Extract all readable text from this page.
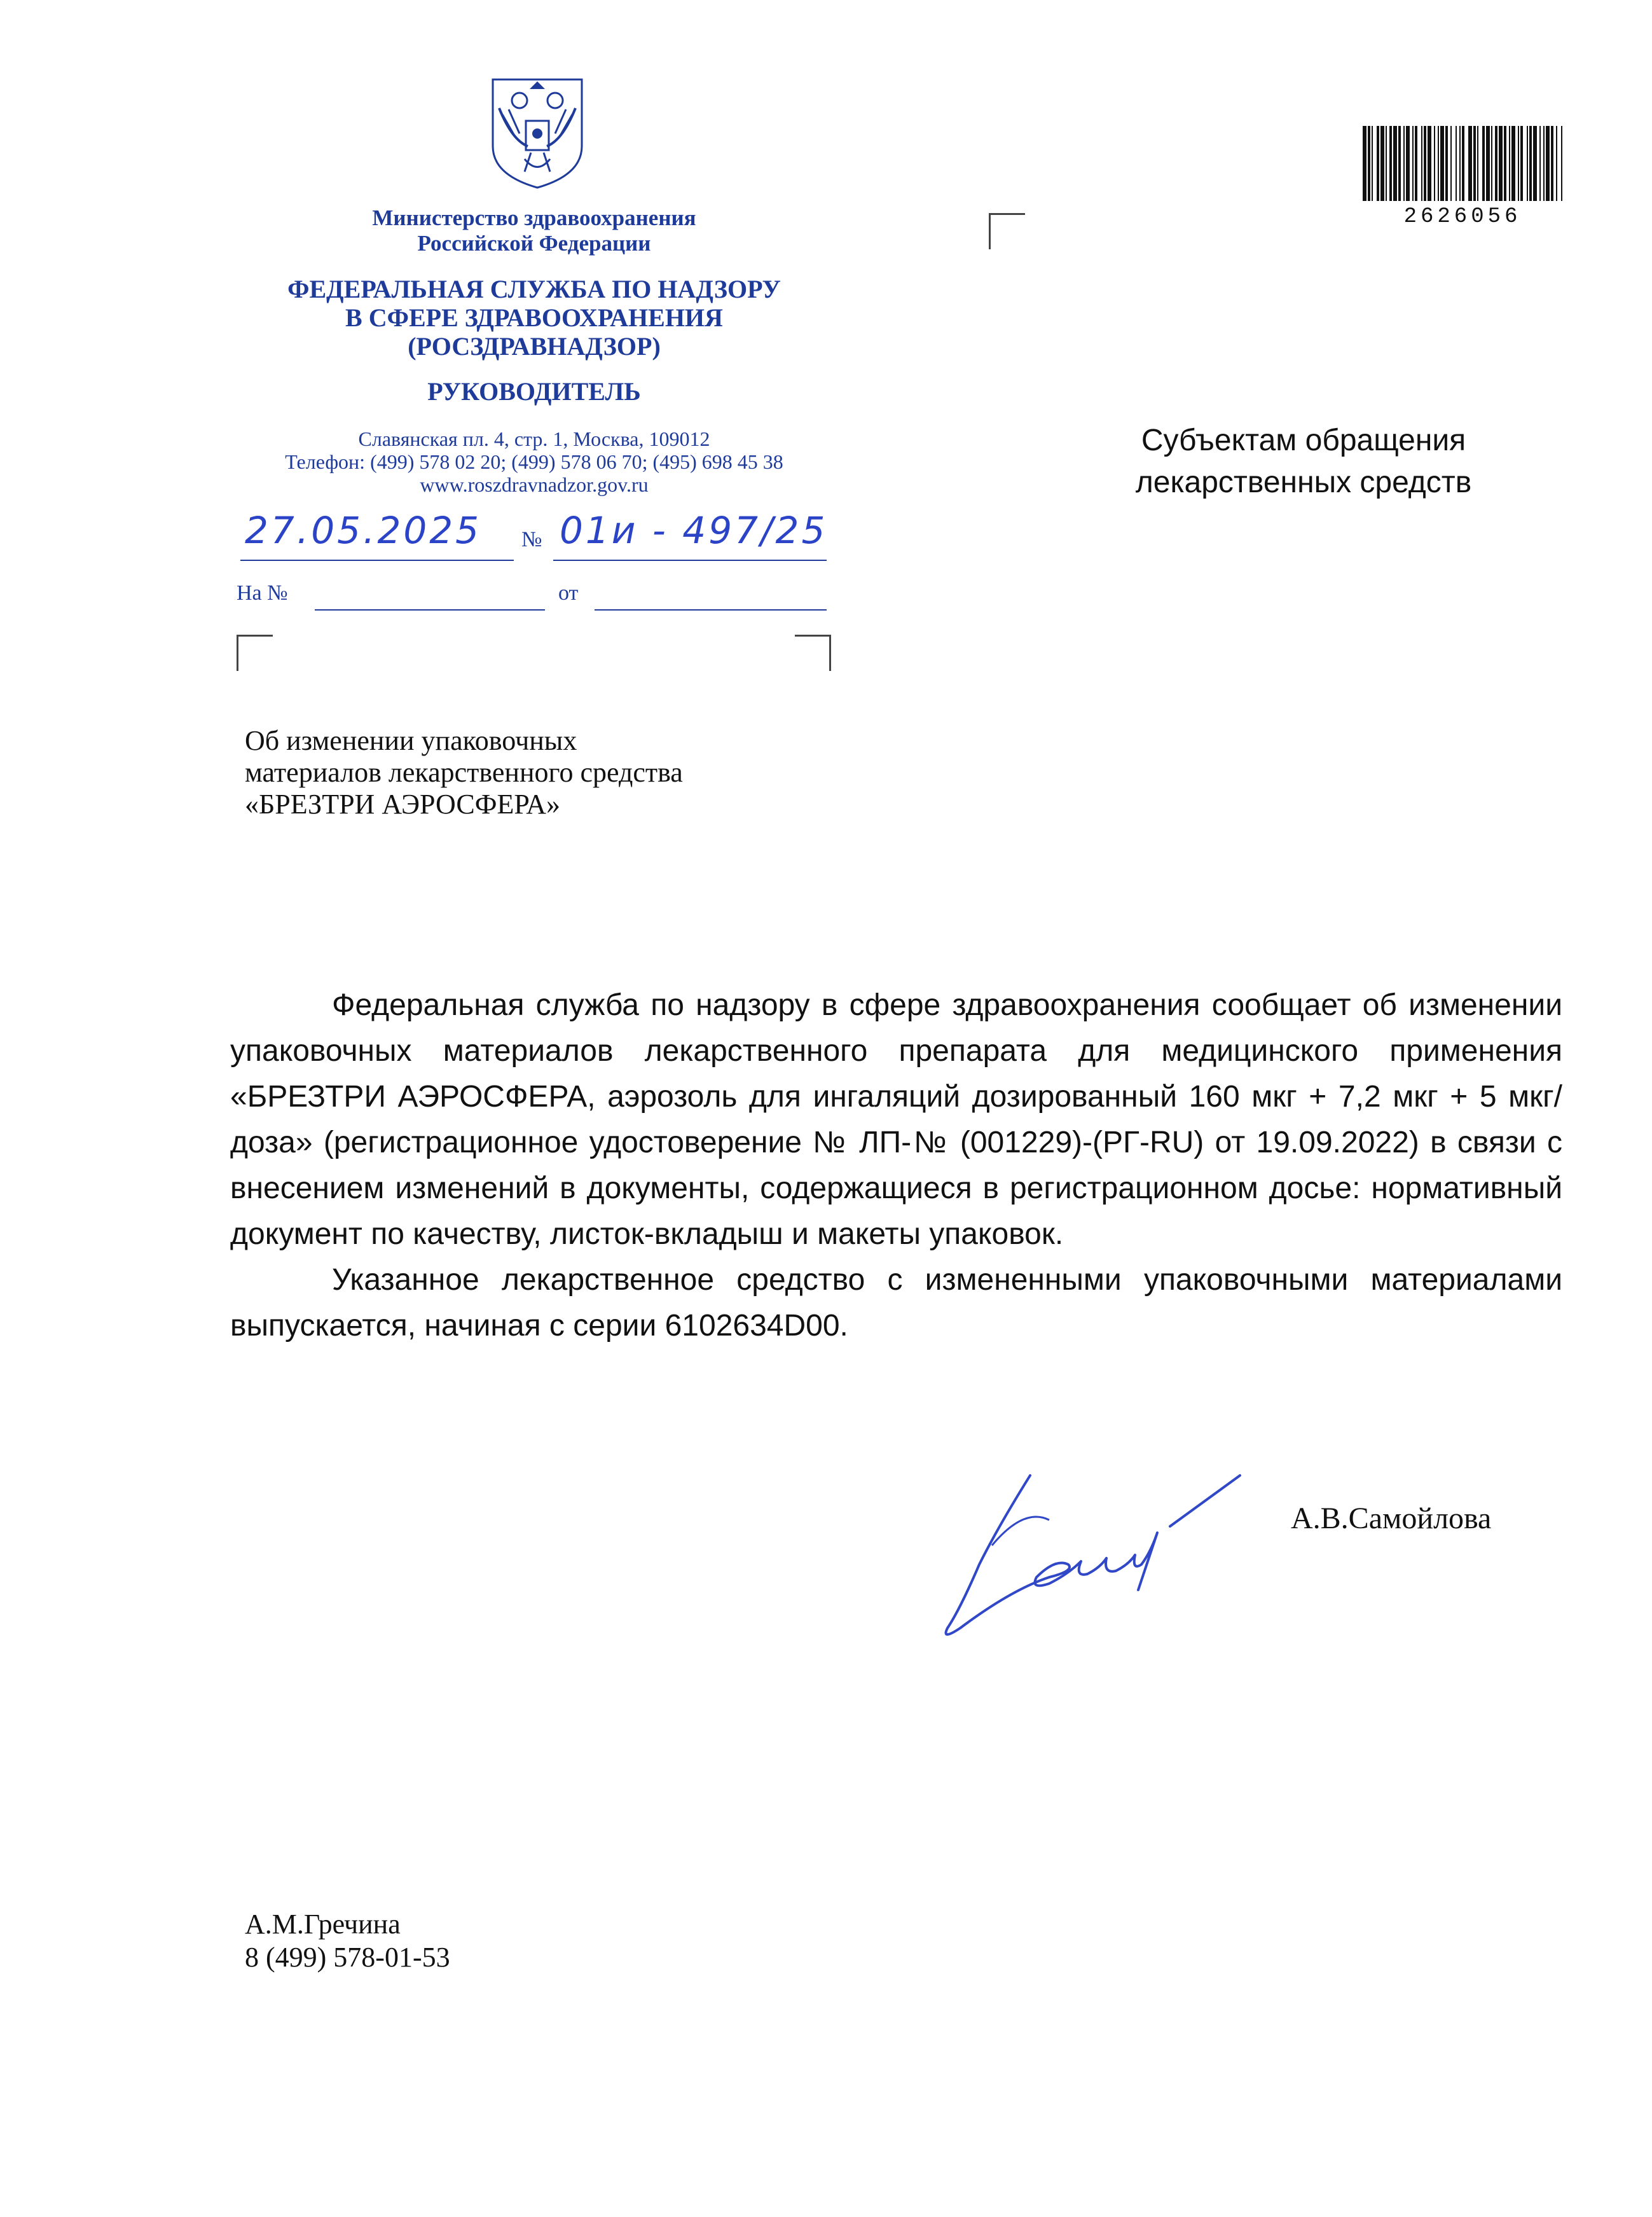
Министерство здравоохранения
Российской Федерации
ФЕДЕРАЛЬНАЯ СЛУЖБА ПО НАДЗОРУ
В СФЕРЕ ЗДРАВООХРАНЕНИЯ
(РОСЗДРАВНАДЗОР)
РУКОВОДИТЕЛЬ
Славянская пл. 4, стр. 1, Москва, 109012
Телефон: (499) 578 02 20; (499) 578 06 70; (495) 698 45 38
www.roszdravnadzor.gov.ru
27.05.2025 № 01и - 497/25
На №	от
2626056
Субъектам обращения
лекарственных средств
Об изменении упаковочных
материалов лекарственного средства
«БРЕЗТРИ АЭРОСФЕРА»

Федеральная служба по надзору в сфере здравоохранения сообщает об изменении упаковочных материалов лекарственного препарата для медицинского применения «БРЕЗТРИ АЭРОСФЕРА, аэрозоль для ингаляций дозированный 160 мкг + 7,2 мкг + 5 мкг/доза» (регистрационное удостоверение № ЛП-№ (001229)-(РГ-RU) от 19.09.2022) в связи с внесением изменений в документы, содержащиеся в регистрационном досье: нормативный документ по качеству, листок-вкладыш и макеты упаковок.

Указанное лекарственное средство с измененными упаковочными материалами выпускается, начиная с серии 6102634D00.

А.В.Самойлова
А.М.Гречина
8 (499) 578-01-53
